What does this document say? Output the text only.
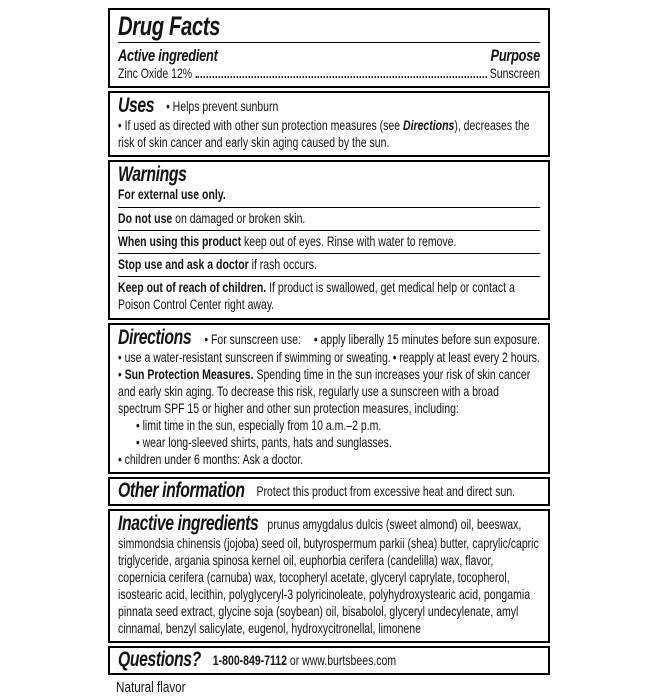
Drug Facts
Active ingredient	Purpose
Zinc Oxide 12%	Sunscreen
Uses • Helps prevent sunburn
• If used as directed with other sun protection measures (see Directions), decreases the risk of skin cancer and early skin aging caused by the sun.
Warnings
For external use only.
Do not use on damaged or broken skin.
When using this product keep out of eyes. Rinse with water to remove.
Stop use and ask a doctor if rash occurs.
Keep out of reach of children. If product is swallowed, get medical help or contact a Poison Control Center right away.
Directions • For sunscreen use: • apply liberally 15 minutes before sun exposure.
• use a water-resistant sunscreen if swimming or sweating. • reapply at least every 2 hours.
• Sun Protection Measures. Spending time in the sun increases your risk of skin cancer and early skin aging. To decrease this risk, regularly use a sunscreen with a broad spectrum SPF 15 or higher and other sun protection measures, including:
• limit time in the sun, especially from 10 a.m.–2 p.m.
• wear long-sleeved shirts, pants, hats and sunglasses.
• children under 6 months: Ask a doctor.
Other information Protect this product from excessive heat and direct sun.
Inactive ingredients prunus amygdalus dulcis (sweet almond) oil, beeswax, simmondsia chinensis (jojoba) seed oil, butyrospermum parkii (shea) butter, caprylic/capric triglyceride, argania spinosa kernel oil, euphorbia cerifera (candelilla) wax, flavor, copernicia cerifera (carnuba) wax, tocopheryl acetate, glyceryl caprylate, tocopherol, isostearic acid, lecithin, polyglyceryl-3 polyricinoleate, polyhydroxystearic acid, pongamia pinnata seed extract, glycine soja (soybean) oil, bisabolol, glyceryl undecylenate, amyl cinnamal, benzyl salicylate, eugenol, hydroxycitronellal, limonene
Questions? 1-800-849-7112 or www.burtsbees.com
Natural flavor
